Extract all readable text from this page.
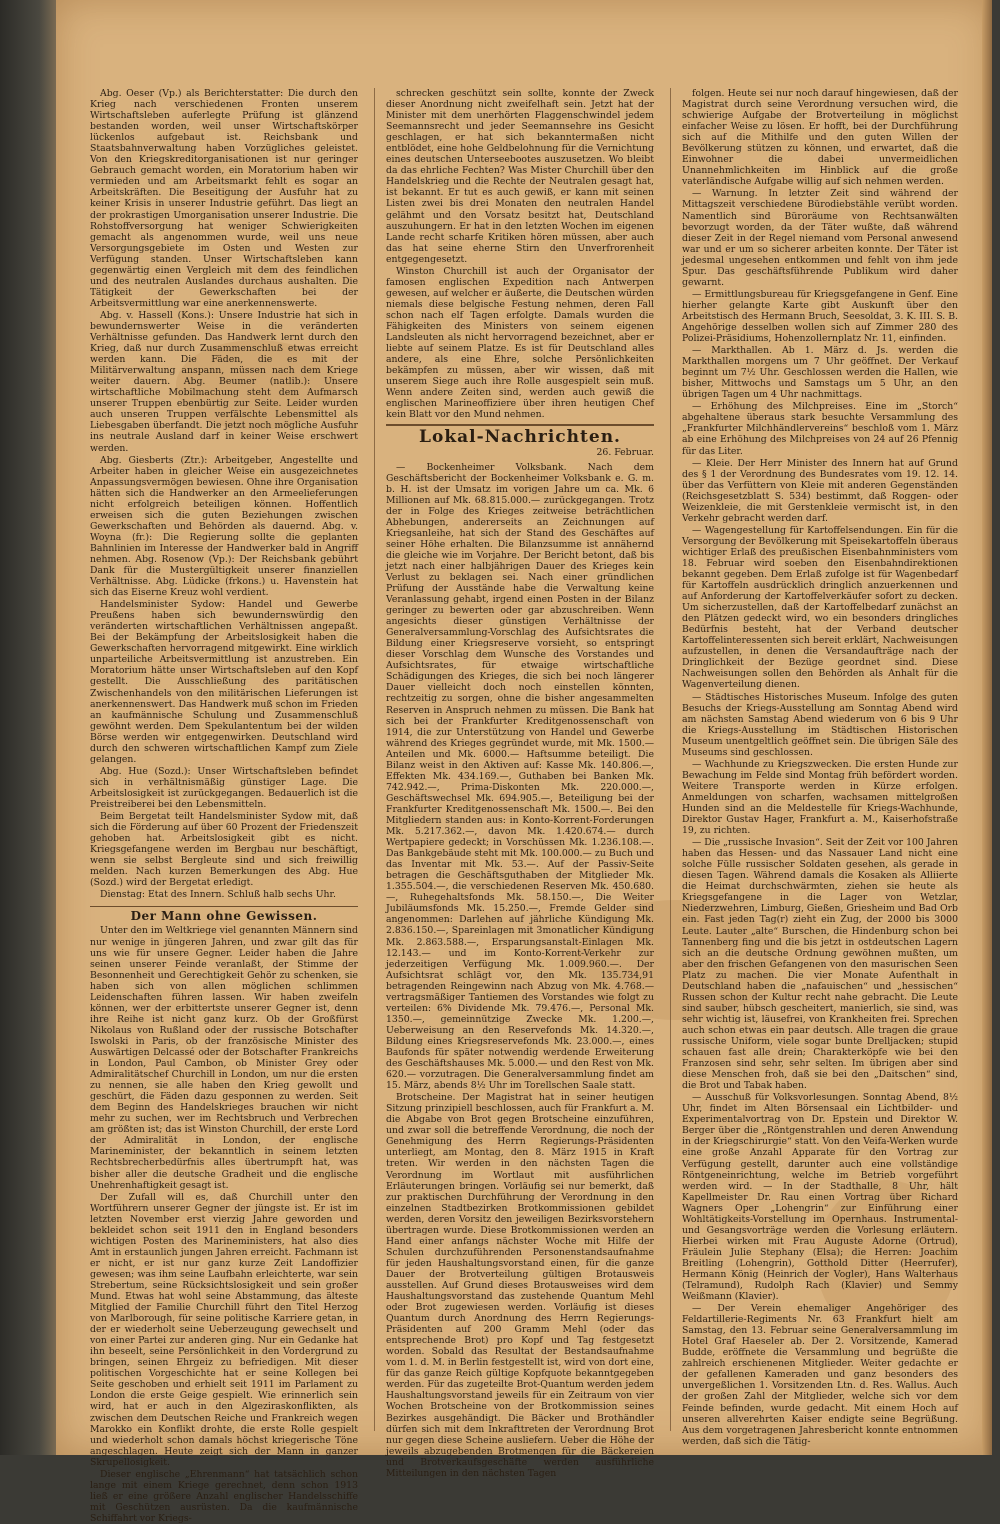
Abg. Oeser (Vp.) als Berichterstatter: Die durch den Krieg nach verschiedenen Fronten unserem Wirtschaftsleben auferlegte Prüfung ist glänzend bestanden worden, weil unser Wirtschaftskörper lückenlos aufgebaut ist. Reichsbank und Staatsbahnverwaltung haben Vorzügliches geleistet. Von den Kriegskreditorganisationen ist nur geringer Gebrauch gemacht worden, ein Moratorium haben wir vermieden und am Arbeitsmarkt fehlt es sogar an Arbeitskräften. Die Beseitigung der Ausfuhr hat zu keiner Krisis in unserer Industrie geführt. Das liegt an der prokrastigen Umorganisation unserer Industrie. Die Rohstoffversorgung hat weniger Schwierigkeiten gemacht als angenommen wurde, weil uns neue Versorgungsgebiete im Osten und Westen zur Verfügung standen. Unser Wirtschaftsleben kann gegenwärtig einen Vergleich mit dem des feindlichen und des neutralen Auslandes durchaus aushalten. Die Tätigkeit der Gewerkschaften bei der Arbeitsvermittlung war eine anerkennenswerte.

Abg. v. Hassell (Kons.): Unsere Industrie hat sich in bewundernswerter Weise in die veränderten Verhältnisse gefunden. Das Handwerk lernt durch den Krieg, daß nur durch Zusammenschluß etwas erreicht werden kann. Die Fäden, die es mit der Militärverwaltung anspann, müssen nach dem Kriege weiter dauern. Abg. Beumer (natlib.): Unsere wirtschaftliche Mobilmachung steht dem Aufmarsch unserer Truppen ebenbürtig zur Seite. Leider wurden auch unseren Truppen verfälschte Lebensmittel als Liebesgaben überfandt. Die jetzt noch mögliche Ausfuhr ins neutrale Ausland darf in keiner Weise erschwert werden.

Abg. Giesberts (Ztr.): Arbeitgeber, Angestellte und Arbeiter haben in gleicher Weise ein ausgezeichnetes Anpassungsvermögen bewiesen. Ohne ihre Organisation hätten sich die Handwerker an den Armeelieferungen nicht erfolgreich beteiligen können. Hoffentlich erweisen sich die guten Beziehungen zwischen Gewerkschaften und Behörden als dauernd. Abg. v. Woyna (fr.): Die Regierung sollte die geplanten Bahnlinien im Interesse der Handwerker bald in Angriff nehmen. Abg. Rosenow (Vp.): Der Reichsbank gebührt Dank für die Mustergültigkeit unserer finanziellen Verhältnisse. Abg. Lüdicke (frkons.) u. Havenstein hat sich das Eiserne Kreuz wohl verdient.

Handelsminister Sydow: Handel und Gewerbe Preußens haben sich bewundernswürdig den veränderten wirtschaftlichen Verhältnissen angepaßt. Bei der Bekämpfung der Arbeitslosigkeit haben die Gewerkschaften hervorragend mitgewirkt. Eine wirklich unparteiliche Arbeitsvermittlung ist anzustreben. Ein Moratorium hätte unser Wirtschaftsleben auf den Kopf gestellt. Die Ausschließung des paritätischen Zwischenhandels von den militärischen Lieferungen ist anerkennenswert. Das Handwerk muß schon im Frieden an kaufmännische Schulung und Zusammenschluß gewöhnt werden. Dem Spekulantentum bei der wilden Börse werden wir entgegenwirken. Deutschland wird durch den schweren wirtschaftlichen Kampf zum Ziele gelangen.

Abg. Hue (Sozd.): Unser Wirtschaftsleben befindet sich in verhältnismäßig günstiger Lage. Die Arbeitslosigkeit ist zurückgegangen. Bedauerlich ist die Preistreiberei bei den Lebensmitteln.

Beim Bergetat teilt Handelsminister Sydow mit, daß sich die Förderung auf über 60 Prozent der Friedenszeit gehoben hat. Arbeitslosigkeit gibt es nicht. Kriegsgefangene werden im Bergbau nur beschäftigt, wenn sie selbst Bergleute sind und sich freiwillig melden. Nach kurzen Bemerkungen des Abg. Hue (Sozd.) wird der Bergetat erledigt.

Dienstag: Etat des Innern. Schluß halb sechs Uhr.

Der Mann ohne Gewissen.

Unter den im Weltkriege viel genannten Männern sind nur wenige in jüngeren Jahren, und zwar gilt das für uns wie für unsere Gegner. Leider haben die Jahre seinen unserer Feinde veranlaßt, der Stimme der Besonnenheit und Gerechtigkeit Gehör zu schenken, sie haben sich von allen möglichen schlimmen Leidenschaften führen lassen. Wir haben zweifeln können, wer der erbittertste unserer Gegner ist, denn ihre Reihe ist nicht ganz kurz. Ob der Großfürst Nikolaus von Rußland oder der russische Botschafter Iswolski in Paris, ob der französische Minister des Auswärtigen Delcassé oder der Botschafter Frankreichs in London, Paul Cambon, ob Minister Grey oder Admiralitätschef Churchill in London, um nur die ersten zu nennen, sie alle haben den Krieg gewollt und geschürt, die Fäden dazu gesponnen zu werden. Seit dem Beginn des Handelskrieges brauchen wir nicht mehr zu suchen, wer im Rechtsbruch und Verbrechen am größten ist; das ist Winston Churchill, der erste Lord der Admiralität in London, der englische Marineminister, der bekanntlich in seinem letzten Rechtsbrecherbedürfnis alles übertrumpft hat, was bisher aller die deutsche Gradheit und die englische Unehrenhaftigkeit gesagt ist.

Der Zufall will es, daß Churchill unter den Wortführern unserer Gegner der jüngste ist. Er ist im letzten November erst vierzig Jahre geworden und bekleidet schon seit 1911 den in England besonders wichtigen Posten des Marineministers, hat also dies Amt in erstaunlich jungen Jahren erreicht. Fachmann ist er nicht, er ist nur ganz kurze Zeit Landoffizier gewesen; was ihm seine Laufbahn erleichterte, war sein Strebertum, seine Rücksichtslosigkeit und sein großer Mund. Etwas hat wohl seine Abstammung, das älteste Mitglied der Familie Churchill führt den Titel Herzog von Marlborough, für seine politische Karriere getan, in der er wiederholt seine Ueberzeugung gewechselt und von einer Partei zur anderen ging. Nur ein Gedanke hat ihn beseelt, seine Persönlichkeit in den Vordergrund zu bringen, seinen Ehrgeiz zu befriedigen. Mit dieser politischen Vorgeschichte hat er seine Kollegen bei Seite geschoben und erhielt seit 1911 im Parlament zu London die erste Geige gespielt. Wie erinnerlich sein wird, hat er auch in den Algeziraskonflikten, als zwischen dem Deutschen Reiche und Frankreich wegen Marokko ein Konflikt drohte, die erste Rolle gespielt und wiederholt schon damals höchst kriegerische Töne angeschlagen. Heute zeigt sich der Mann in ganzer Skrupellosigkeit.

Dieser englische „Ehrenmann“ hat tatsächlich schon lange mit einem Kriege gerechnet, denn schon 1913 ließ er eine größere Anzahl englischer Handelsschiffe mit Geschützen ausrüsten. Da die kaufmännische Schiffahrt vor Kriegs-

schrecken geschützt sein sollte, konnte der Zweck dieser Anordnung nicht zweifelhaft sein. Jetzt hat der Minister mit dem unerhörten Flaggenschwindel jedem Seemannsrecht und jeder Seemannsehre ins Gesicht geschlagen, er hat sich bekanntermaßen nicht entblödet, eine hohe Geldbelohnung für die Vernichtung eines deutschen Unterseebootes auszusetzen. Wo bleibt da das ehrliche Fechten? Was Mister Churchill über den Handelskrieg und die Rechte der Neutralen gesagt hat, ist bekannt. Er tut es auch gewiß, er kann mit seinen Listen zwei bis drei Monaten den neutralen Handel gelähmt und den Vorsatz besitzt hat, Deutschland auszuhungern. Er hat in den letzten Wochen im eigenen Lande recht scharfe Kritiken hören müssen, aber auch das hat seine eherne Stirn den Unverfrorenheit entgegengesetzt.

Winston Churchill ist auch der Organisator der famosen englischen Expedition nach Antwerpen gewesen, auf welcher er äußerte, die Deutschen würden niemals diese belgische Festung nehmen, deren Fall schon nach elf Tagen erfolgte. Damals wurden die Fähigkeiten des Ministers von seinem eigenen Landsleuten als nicht hervorragend bezeichnet, aber er liebte auf seinem Platze. Es ist für Deutschland alles andere, als eine Ehre, solche Persönlichkeiten bekämpfen zu müssen, aber wir wissen, daß mit unserem Siege auch ihre Rolle ausgespielt sein muß. Wenn andere Zeiten sind, werden auch gewiß die englischen Marineoffiziere über ihren heutigen Chef kein Blatt vor den Mund nehmen.

Lokal-Nachrichten.
26. Februar.

— Bockenheimer Volksbank. Nach dem Geschäftsbericht der Bockenheimer Volksbank e. G. m. b. H. ist der Umsatz im vorigen Jahre um ca. Mk. 6 Millionen auf Mk. 68.815.000.— zurückgegangen. Trotz der in Folge des Krieges zeitweise beträchtlichen Abhebungen, andererseits an Zeichnungen auf Kriegsanleihe, hat sich der Stand des Geschäftes auf seiner Höhe erhalten. Die Bilanzsumme ist annähernd die gleiche wie im Vorjahre. Der Bericht betont, daß bis jetzt nach einer halbjährigen Dauer des Krieges kein Verlust zu beklagen sei. Nach einer gründlichen Prüfung der Ausstände habe die Verwaltung keine Veranlassung gehabt, irgend einen Posten in der Bilanz geringer zu bewerten oder gar abzuschreiben. Wenn angesichts dieser günstigen Verhältnisse der Generalversammlung-Vorschlag des Aufsichtsrates die Bildung einer Kriegsreserve vorsieht, so entspringt dieser Vorschlag dem Wunsche des Vorstandes und Aufsichtsrates, für etwaige wirtschaftliche Schädigungen des Krieges, die sich bei noch längerer Dauer vielleicht doch noch einstellen könnten, rechtzeitig zu sorgen, ohne die bisher angesammelten Reserven in Anspruch nehmen zu müssen. Die Bank hat sich bei der Frankfurter Kreditgenossenschaft von 1914, die zur Unterstützung von Handel und Gewerbe während des Krieges gegründet wurde, mit Mk. 1500.— Anteilen und Mk. 6000.— Haftsumme beteiligt. Die Bilanz weist in den Aktiven auf: Kasse Mk. 140.806.—, Effekten Mk. 434.169.—, Guthaben bei Banken Mk. 742.942.—, Prima-Diskonten Mk. 220.000.—, Geschäftswechsel Mk. 694.905.—, Beteiligung bei der Frankfurter Kreditgenossenschaft Mk. 1500.—. Bei den Mitgliedern standen aus: in Konto-Korrent-Forderungen Mk. 5.217.362.—, davon Mk. 1.420.674.— durch Wertpapiere gedeckt; in Vorschüssen Mk. 1.236.108.—. Das Bankgebäude steht mit Mk. 100.000.— zu Buch und das Inventar mit Mk. 53.—. Auf der Passiv-Seite betragen die Geschäftsguthaben der Mitglieder Mk. 1.355.504.—, die verschiedenen Reserven Mk. 450.680.—, Ruhegehaltsfonds Mk. 58.150.—, Die Weiter Jubiläumsfonds Mk. 15.250.—, Fremde Gelder sind angenommen: Darlehen auf jährliche Kündigung Mk. 2.836.150.—, Spareinlagen mit 3monatlicher Kündigung Mk. 2.863.588.—, Ersparungsanstalt-Einlagen Mk. 12.143.— und im Konto-Korrent-Verkehr zur jederzeitigen Verfügung Mk. 1.009.960.—. Der Aufsichtsrat schlägt vor, den Mk. 135.734,91 betragenden Reingewinn nach Abzug von Mk. 4.768.— vertragsmäßiger Tantiemen des Vorstandes wie folgt zu verteilen: 6% Dividende Mk. 79.476.—, Personal Mk. 1350.—, gemeinnützige Zwecke Mk. 1.200.—, Ueberweisung an den Reservefonds Mk. 14.320.—, Bildung eines Kriegsreservefonds Mk. 23.000.—, eines Baufonds für später notwendig werdende Erweiterung des Geschäftshauses Mk. 5.000.— und den Rest von Mk. 620.— vorzutragen. Die Generalversammlung findet am 15. März, abends 8½ Uhr im Torellschen Saale statt.

Brotscheine. Der Magistrat hat in seiner heutigen Sitzung prinzipiell beschlossen, auch für Frankfurt a. M. die Abgabe von Brot gegen Brotscheine einzuführen, und zwar soll die betreffende Verordnung, die noch der Genehmigung des Herrn Regierungs-Präsidenten unterliegt, am Montag, den 8. März 1915 in Kraft treten. Wir werden in den nächsten Tagen die Verordnung im Wortlaut mit ausführlichen Erläuterungen bringen. Vorläufig sei nur bemerkt, daß zur praktischen Durchführung der Verordnung in den einzelnen Stadtbezirken Brotkommissionen gebildet werden, deren Vorsitz den jeweiligen Bezirksvorstehern übertragen wurde. Diese Brotkommissionen werden an Hand einer anfangs nächster Woche mit Hilfe der Schulen durchzuführenden Personenstandsaufnahme für jeden Haushaltungsvorstand einen, für die ganze Dauer der Brotverteilung gültigen Brotausweis ausstellen. Auf Grund dieses Brotausweises wird dem Haushaltungsvorstand das zustehende Quantum Mehl oder Brot zugewiesen werden. Vorläufig ist dieses Quantum durch Anordnung des Herrn Regierungs-Präsidenten auf 200 Gramm Mehl (oder das entsprechende Brot) pro Kopf und Tag festgesetzt worden. Sobald das Resultat der Bestandsaufnahme vom 1. d. M. in Berlin festgestellt ist, wird von dort eine, für das ganze Reich gültige Kopfquote bekanntgegeben werden. Für das zugeteilte Brot-Quantum werden jedem Haushaltungsvorstand jeweils für ein Zeitraum von vier Wochen Brotscheine von der Brotkommission seines Bezirkes ausgehändigt. Die Bäcker und Brothändler dürfen sich mit dem Inkrafttreten der Verordnung Brot nur gegen diese Scheine ausliefern. Ueber die Höhe der jeweils abzugebenden Brotmengen für die Bäckereien und Brotverkaufsgeschäfte werden ausführliche Mitteilungen in den nächsten Tagen

folgen. Heute sei nur noch darauf hingewiesen, daß der Magistrat durch seine Verordnung versuchen wird, die schwierige Aufgabe der Brotverteilung in möglichst einfacher Weise zu lösen. Er hofft, bei der Durchführung sich auf die Mithilfe und den guten Willen der Bevölkerung stützen zu können, und erwartet, daß die Einwohner die dabei unvermeidlichen Unannehmlichkeiten im Hinblick auf die große vaterländische Aufgabe willig auf sich nehmen werden.

— Warnung. In letzter Zeit sind während der Mittagszeit verschiedene Bürodiebstähle verübt worden. Namentlich sind Büroräume von Rechtsanwälten bevorzugt worden, da der Täter wußte, daß während dieser Zeit in der Regel niemand vom Personal anwesend war und er um so sicherer arbeiten konnte. Der Täter ist jedesmal ungesehen entkommen und fehlt von ihm jede Spur. Das geschäftsführende Publikum wird daher gewarnt.

— Ermittlungsbureau für Kriegsgefangene in Genf. Eine hierher gelangte Karte gibt Auskunft über den Arbeitstisch des Hermann Bruch, Seesoldat, 3. K. III. S. B. Angehörige desselben wollen sich auf Zimmer 280 des Polizei-Präsidiums, Hohenzollernplatz Nr. 11, einfinden.

— Markthallen. Ab 1. März d. Js. werden die Markthallen morgens um 7 Uhr geöffnet. Der Verkauf beginnt um 7½ Uhr. Geschlossen werden die Hallen, wie bisher, Mittwochs und Samstags um 5 Uhr, an den übrigen Tagen um 4 Uhr nachmittags.

— Erhöhung des Milchpreises. Eine im „Storch“ abgehaltene überaus stark besuchte Versammlung des „Frankfurter Milchhändlervereins“ beschloß vom 1. März ab eine Erhöhung des Milchpreises von 24 auf 26 Pfennig für das Liter.

— Kleie. Der Herr Minister des Innern hat auf Grund des § 1 der Verordnung des Bundesrates vom 19. 12. 14. über das Verfüttern von Kleie mit anderen Gegenständen (Reichsgesetzblatt S. 534) bestimmt, daß Roggen- oder Weizenkleie, die mit Gerstenkleie vermischt ist, in den Verkehr gebracht werden darf.

— Wagengestellung für Kartoffelsendungen. Ein für die Versorgung der Bevölkerung mit Speisekartoffeln überaus wichtiger Erlaß des preußischen Eisenbahnministers vom 18. Februar wird soeben den Eisenbahndirektionen bekannt gegeben. Dem Erlaß zufolge ist für Wagenbedarf für Kartoffeln ausdrücklich dringlich anzuerkennen und auf Anforderung der Kartoffelverkäufer sofort zu decken. Um sicherzustellen, daß der Kartoffelbedarf zunächst an den Plätzen gedeckt wird, wo ein besonders dringliches Bedürfnis besteht, hat der Verband deutscher Kartoffelinteressenten sich bereit erklärt, Nachweisungen aufzustellen, in denen die Versandaufträge nach der Dringlichkeit der Bezüge geordnet sind. Diese Nachweisungen sollen den Behörden als Anhalt für die Wagenverteilung dienen.

— Städtisches Historisches Museum. Infolge des guten Besuchs der Kriegs-Ausstellung am Sonntag Abend wird am nächsten Samstag Abend wiederum von 6 bis 9 Uhr die Kriegs-Ausstellung im Städtischen Historischen Museum unentgeltlich geöffnet sein. Die übrigen Säle des Museums sind geschlossen.

— Wachhunde zu Kriegszwecken. Die ersten Hunde zur Bewachung im Felde sind Montag früh befördert worden. Weitere Transporte werden in Kürze erfolgen. Anmeldungen von scharfen, wachsamen mittelgroßen Hunden sind an die Meldestelle für Kriegs-Wachhunde, Direktor Gustav Hager, Frankfurt a. M., Kaiserhofstraße 19, zu richten.

— Die „russische Invasion“. Seit der Zeit vor 100 Jahren haben das Hessen- und das Nassauer Land nicht eine solche Fülle russischer Soldaten gesehen, als gerade in diesen Tagen. Während damals die Kosaken als Alliierte die Heimat durchschwärmten, ziehen sie heute als Kriegsgefangene in die Lager von Wetzlar, Niederzwehren, Limburg, Gießen, Griesheim und Bad Orb ein. Fast jeden Tag(r) zieht ein Zug, der 2000 bis 3000 Leute. Lauter „alte“ Burschen, die Hindenburg schon bei Tannenberg fing und die bis jetzt in ostdeutschen Lagern sich an die deutsche Ordnung gewöhnen mußten, um aber den frischen Gefangenen von den masurischen Seen Platz zu machen. Die vier Monate Aufenthalt in Deutschland haben die „nafauischen“ und „hessischen“ Russen schon der Kultur recht nahe gebracht. Die Leute sind sauber, hübsch gescheitert, manierlich, sie sind, was sehr wichtig ist, läusefrei, von Krankheiten frei. Sprechen auch schon etwas ein paar deutsch. Alle tragen die graue russische Uniform, viele sogar bunte Drelljacken; stupid schauen fast alle drein; Charakterköpfe wie bei den Franzosen sind sehr, sehr selten. Im übrigen aber sind diese Menschen froh, daß sie bei den „Daitschen“ sind, die Brot und Tabak haben.

— Ausschuß für Volksvorlesungen. Sonntag Abend, 8½ Uhr, findet im Alten Börsensaal ein Lichtbilder- und Experimentalvortrag von Dr. Epstein und Direktor W. Berger über die „Röntgenstrahlen und deren Anwendung in der Kriegschirurgie“ statt. Von den Veifa-Werken wurde eine große Anzahl Apparate für den Vortrag zur Verfügung gestellt, darunter auch eine vollständige Röntgeneinrichtung, welche im Betrieb vorgeführt werden wird. — In der Stadthalle, 8 Uhr, hält Kapellmeister Dr. Rau einen Vortrag über Richard Wagners Oper „Lohengrin“ zur Einführung einer Wohltätigkeits-Vorstellung im Opernhaus. Instrumental- und Gesangsvorträge werden die Vorlesung erläutern. Hierbei wirken mit Frau Auguste Adorne (Ortrud), Fräulein Julie Stephany (Elsa); die Herren: Joachim Breitling (Lohengrin), Gotthold Ditter (Heerrufer), Hermann König (Heinrich der Vogler), Hans Walterhaus (Telramund), Rudolph Rach (Klavier) und Semmy Weißmann (Klavier).

— Der Verein ehemaliger Angehöriger des Feldartillerie-Regiments Nr. 63 Frankfurt hielt am Samstag, den 13. Februar seine Generalversammlung im Hotel Graf Haeseler ab. Der 2. Vorsitzende, Kamerad Budde, eröffnete die Versammlung und begrüßte die zahlreich erschienenen Mitglieder. Weiter gedachte er der gefallenen Kameraden und ganz besonders des unvergeßlichen 1. Vorsitzenden Ltn. d. Res. Wallus. Auch der großen Zahl der Mitglieder, welche sich vor dem Feinde befinden, wurde gedacht. Mit einem Hoch auf unseren allverehrten Kaiser endigte seine Begrüßung. Aus dem vorgetragenen Jahresbericht konnte entnommen werden, daß sich die Tätig-
